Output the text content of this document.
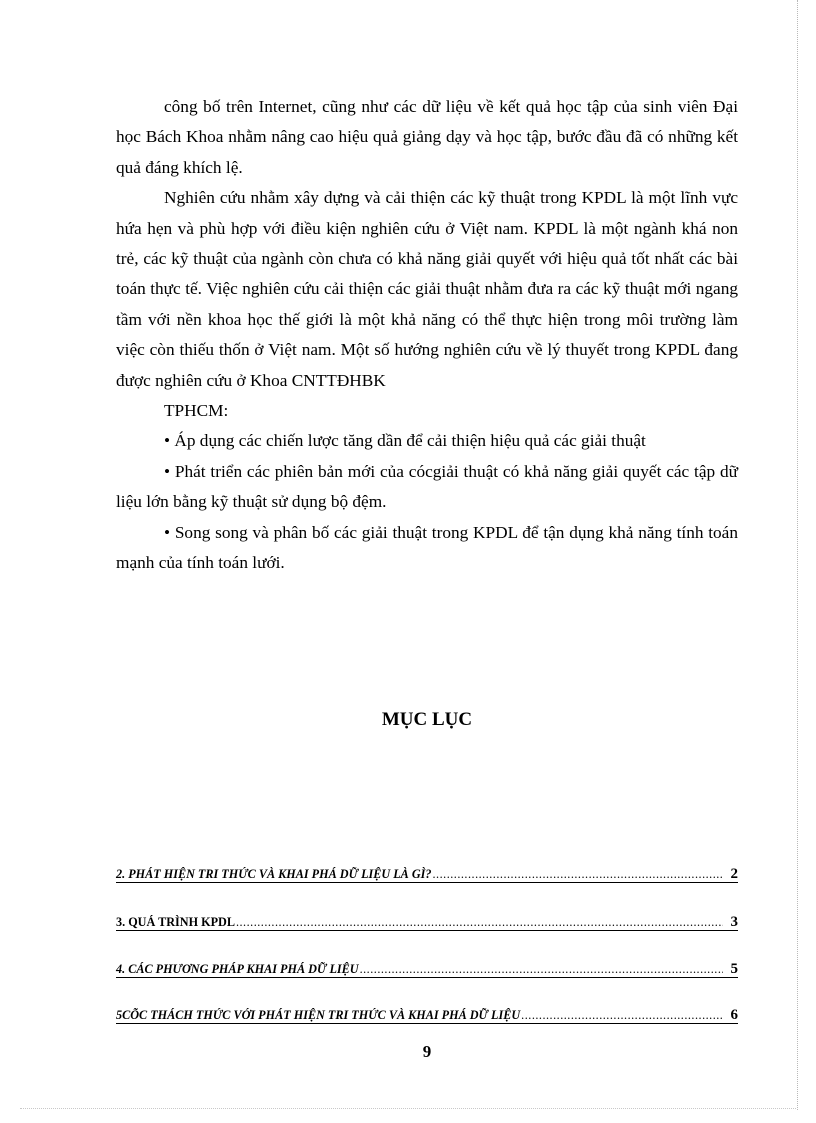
công bố trên Internet, cũng như các dữ liệu về kết quả học tập của sinh viên Đại học Bách Khoa nhằm nâng cao hiệu quả giảng dạy và học tập, bước đầu đã có những kết quả đáng khích lệ.

Nghiên cứu nhằm xây dựng và cải thiện các kỹ thuật trong KPDL là một lĩnh vực hứa hẹn và phù hợp với điều kiện nghiên cứu ở Việt nam. KPDL là một ngành khá non trẻ, các kỹ thuật của ngành còn chưa có khả năng giải quyết với hiệu quả tốt nhất các bài toán thực tế. Việc nghiên cứu cải thiện các giải thuật nhằm đưa ra các kỹ thuật mới ngang tầm với nền khoa học thế giới là một khả năng có thể thực hiện trong môi trường làm việc còn thiếu thốn ở Việt nam. Một số hướng nghiên cứu về lý thuyết trong KPDL đang được nghiên cứu ở Khoa CNTTĐHBK

TPHCM:

• Áp dụng các chiến lược tăng dần để cải thiện hiệu quả các giải thuật

• Phát triển các phiên bản mới của cócgiải thuật có khả năng giải quyết các tập dữ liệu lớn bằng kỹ thuật sử dụng bộ đệm.

• Song song và phân bố các giải thuật trong KPDL để tận dụng khả năng tính toán mạnh của tính toán lưới.

MỤC LỤC
2. PHÁT HIỆN TRI THỨC VÀ KHAI PHÁ DỮ LIỆU LÀ GÌ? .....	2
3. QUÁ TRÌNH KPDL .....	3
4. CÁC PHƯƠNG PHÁP KHAI PHÁ DỮ LIỆU .....	5
5CÕC THÁCH THỨC VỚI PHÁT HIỆN TRI THỨC VÀ KHAI PHÁ DỮ LIỆU .....	6
9
